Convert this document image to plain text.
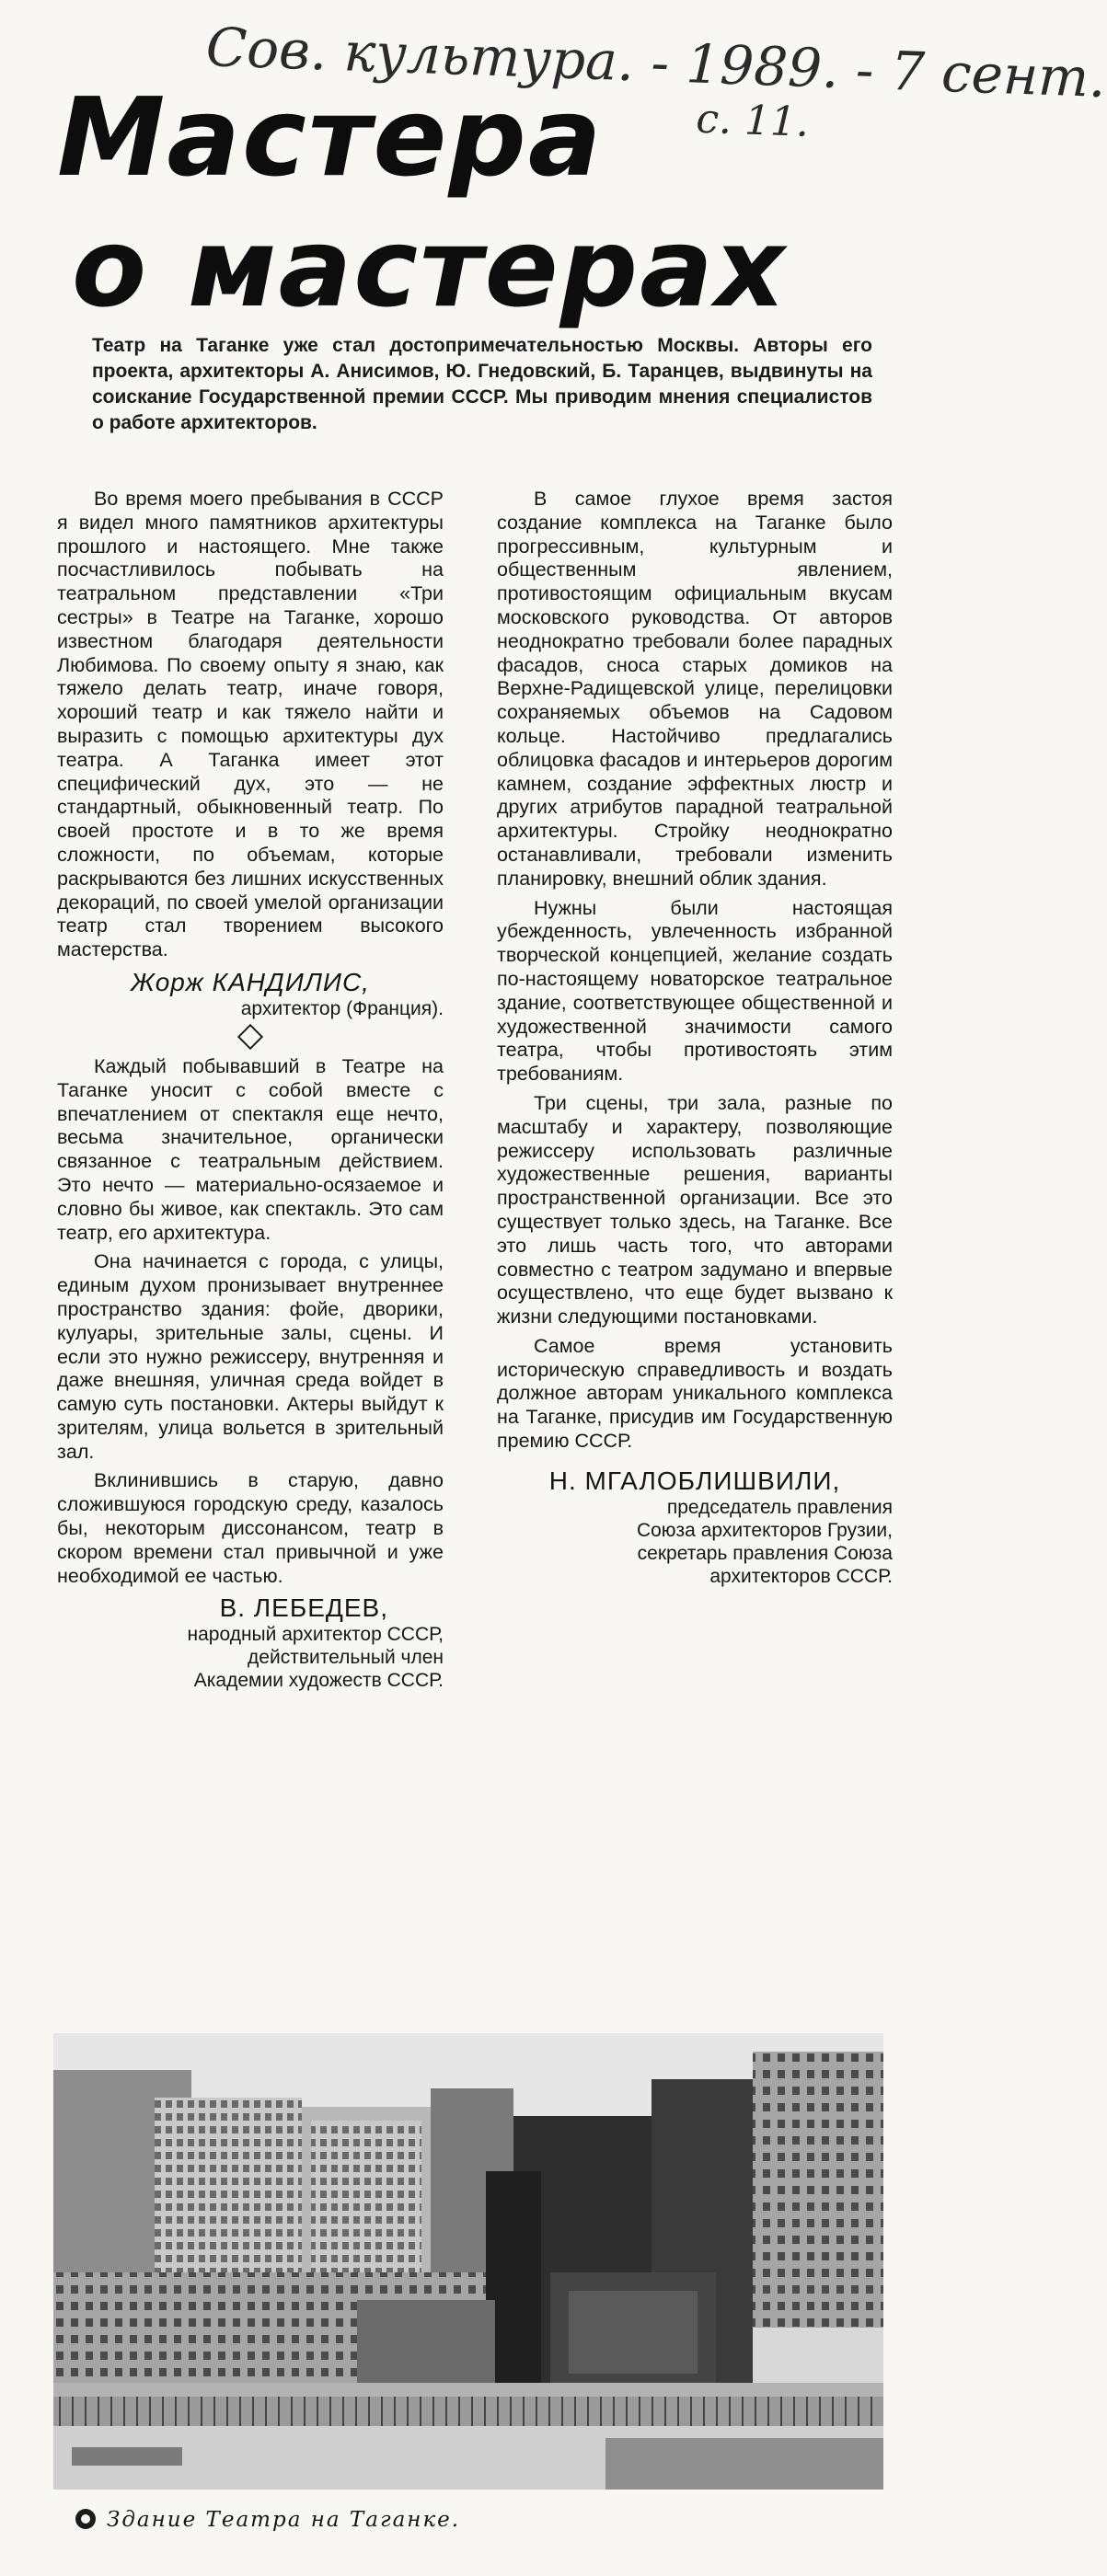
Сов. культура. - 1989. - 7 сент.
с. 11.
Мастера
о мастерах

Театр на Таганке уже стал достопримечательностью Москвы. Авторы его проекта, архитекторы А. Анисимов, Ю. Гнедовский, Б. Таранцев, выдвинуты на соискание Государственной премии СССР. Мы приводим мнения специалистов о работе архитекторов.

Во время моего пребывания в СССР я видел много памятников архитектуры прошлого и настоящего. Мне также посчастливилось побывать на театральном представлении «Три сестры» в Театре на Таганке, хорошо известном благодаря деятельности Любимова. По своему опыту я знаю, как тяжело делать театр, иначе говоря, хороший театр и как тяжело найти и выразить с помощью архитектуры дух театра. А Таганка имеет этот специфический дух, это — не стандартный, обыкновенный театр. По своей простоте и в то же время сложности, по объемам, которые раскрываются без лишних искусственных декораций, по своей умелой организации театр стал творением высокого мастерства.

Жорж КАНДИЛИС,
архитектор (Франция).

Каждый побывавший в Театре на Таганке уносит с собой вместе с впечатлением от спектакля еще нечто, весьма значительное, органически связанное с театральным действием. Это нечто — материально-осязаемое и словно бы живое, как спектакль. Это сам театр, его архитектура.

Она начинается с города, с улицы, единым духом пронизывает внутреннее пространство здания: фойе, дворики, кулуары, зрительные залы, сцены. И если это нужно режиссеру, внутренняя и даже внешняя, уличная среда войдет в самую суть постановки. Актеры выйдут к зрителям, улица вольется в зрительный зал.

Вклинившись в старую, давно сложившуюся городскую среду, казалось бы, некоторым диссонансом, театр в скором времени стал привычной и уже необходимой ее частью.

В. ЛЕБЕДЕВ,
народный архитектор СССР,
действительный член
Академии художеств СССР.

В самое глухое время застоя создание комплекса на Таганке было прогрессивным, культурным и общественным явлением, противостоящим официальным вкусам московского руководства. От авторов неоднократно требовали более парадных фасадов, сноса старых домиков на Верхне-Радищевской улице, перелицовки сохраняемых объемов на Садовом кольце. Настойчиво предлагались облицовка фасадов и интерьеров дорогим камнем, создание эффектных люстр и других атрибутов парадной театральной архитектуры. Стройку неоднократно останавливали, требовали изменить планировку, внешний облик здания.

Нужны были настоящая убежденность, увлеченность избранной творческой концепцией, желание создать по-настоящему новаторское театральное здание, соответствующее общественной и художественной значимости самого театра, чтобы противостоять этим требованиям.

Три сцены, три зала, разные по масштабу и характеру, позволяющие режиссеру использовать различные художественные решения, варианты пространственной организации. Все это существует только здесь, на Таганке. Все это лишь часть того, что авторами совместно с театром задумано и впервые осуществлено, что еще будет вызвано к жизни следующими постановками.

Самое время установить историческую справедливость и воздать должное авторам уникального комплекса на Таганке, присудив им Государственную премию СССР.

Н. МГАЛОБЛИШВИЛИ,
председатель правления
Союза архитекторов Грузии,
секретарь правления Союза
архитекторов СССР.

Здание Театра на Таганке.
